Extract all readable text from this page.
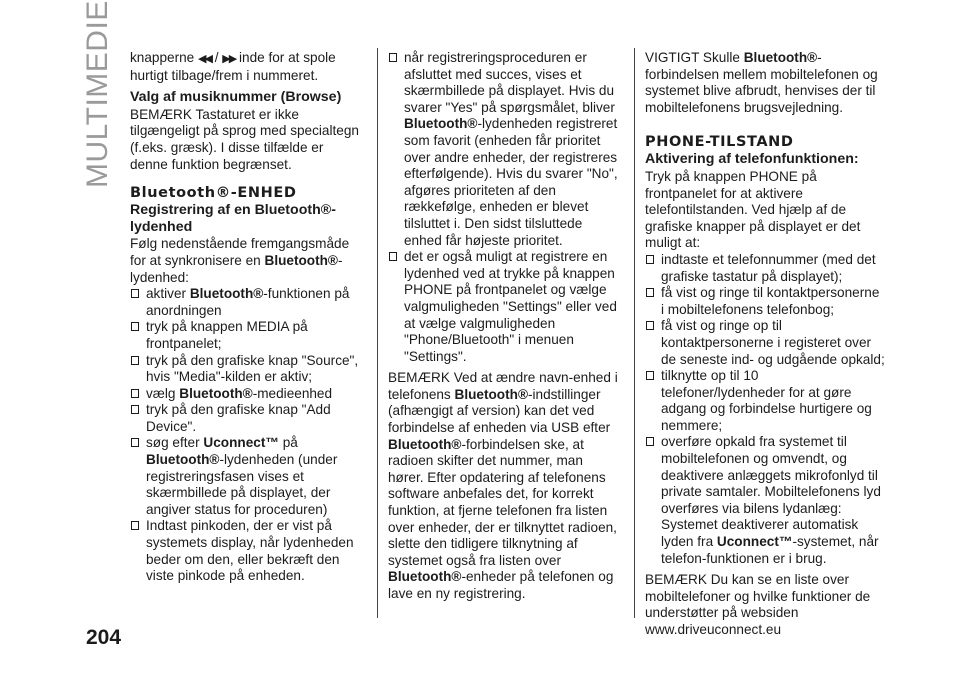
MULTIMEDIE
204

knapperne ◀◀ / ▶▶ inde for at spole hurtigt tilbage/frem i nummeret.

Valg af musiknummer (Browse)

BEMÆRK Tastaturet er ikke tilgængeligt på sprog med specialtegn (f.eks. græsk). I disse tilfælde er denne funktion begrænset.

Bluetooth®-ENHED
Registrering af en Bluetooth®-lydenhed

Følg nedenstående fremgangsmåde for at synkronisere en Bluetooth®-lydenhed:

aktiver Bluetooth®-funktionen på anordningen
tryk på knappen MEDIA på frontpanelet;
tryk på den grafiske knap "Source", hvis "Media"-kilden er aktiv;
vælg Bluetooth®-medieenhed
tryk på den grafiske knap "Add Device".
søg efter Uconnect™ på Bluetooth®-lydenheden (under registreringsfasen vises et skærmbillede på displayet, der angiver status for proceduren)
Indtast pinkoden, der er vist på systemets display, når lydenheden beder om den, eller bekræft den viste pinkode på enheden.
når registreringsproceduren er afsluttet med succes, vises et skærmbillede på displayet. Hvis du svarer "Yes" på spørgsmålet, bliver Bluetooth®-lydenheden registreret som favorit (enheden får prioritet over andre enheder, der registreres efterfølgende). Hvis du svarer "No", afgøres prioriteten af den rækkefølge, enheden er blevet tilsluttet i. Den sidst tilsluttede enhed får højeste prioritet.
det er også muligt at registrere en lydenhed ved at trykke på knappen PHONE på frontpanelet og vælge valgmuligheden "Settings" eller ved at vælge valgmuligheden "Phone/Bluetooth" i menuen "Settings".

BEMÆRK Ved at ændre navn-enhed i telefonens Bluetooth®-indstillinger (afhængigt af version) kan det ved forbindelse af enheden via USB efter Bluetooth®-forbindelsen ske, at radioen skifter det nummer, man hører. Efter opdatering af telefonens software anbefales det, for korrekt funktion, at fjerne telefonen fra listen over enheder, der er tilknyttet radioen, slette den tidligere tilknytning af systemet også fra listen over Bluetooth®-enheder på telefonen og lave en ny registrering.

VIGTIGT Skulle Bluetooth®-forbindelsen mellem mobiltelefonen og systemet blive afbrudt, henvises der til mobiltelefonens brugsvejledning.

PHONE-TILSTAND
Aktivering af telefonfunktionen:

Tryk på knappen PHONE på frontpanelet for at aktivere telefontilstanden. Ved hjælp af de grafiske knapper på displayet er det muligt at:

indtaste et telefonnummer (med det grafiske tastatur på displayet);
få vist og ringe til kontaktpersonerne i mobiltelefonens telefonbog;
få vist og ringe op til kontaktpersonerne i registeret over de seneste ind- og udgående opkald;
tilknytte op til 10 telefoner/lydenheder for at gøre adgang og forbindelse hurtigere og nemmere;
overføre opkald fra systemet til mobiltelefonen og omvendt, og deaktivere anlæggets mikrofonlyd til private samtaler. Mobiltelefonens lyd overføres via bilens lydanlæg: Systemet deaktiverer automatisk lyden fra Uconnect™-systemet, når telefon-funktionen er i brug.

BEMÆRK Du kan se en liste over mobiltelefoner og hvilke funktioner de understøtter på websiden www.driveuconnect.eu
